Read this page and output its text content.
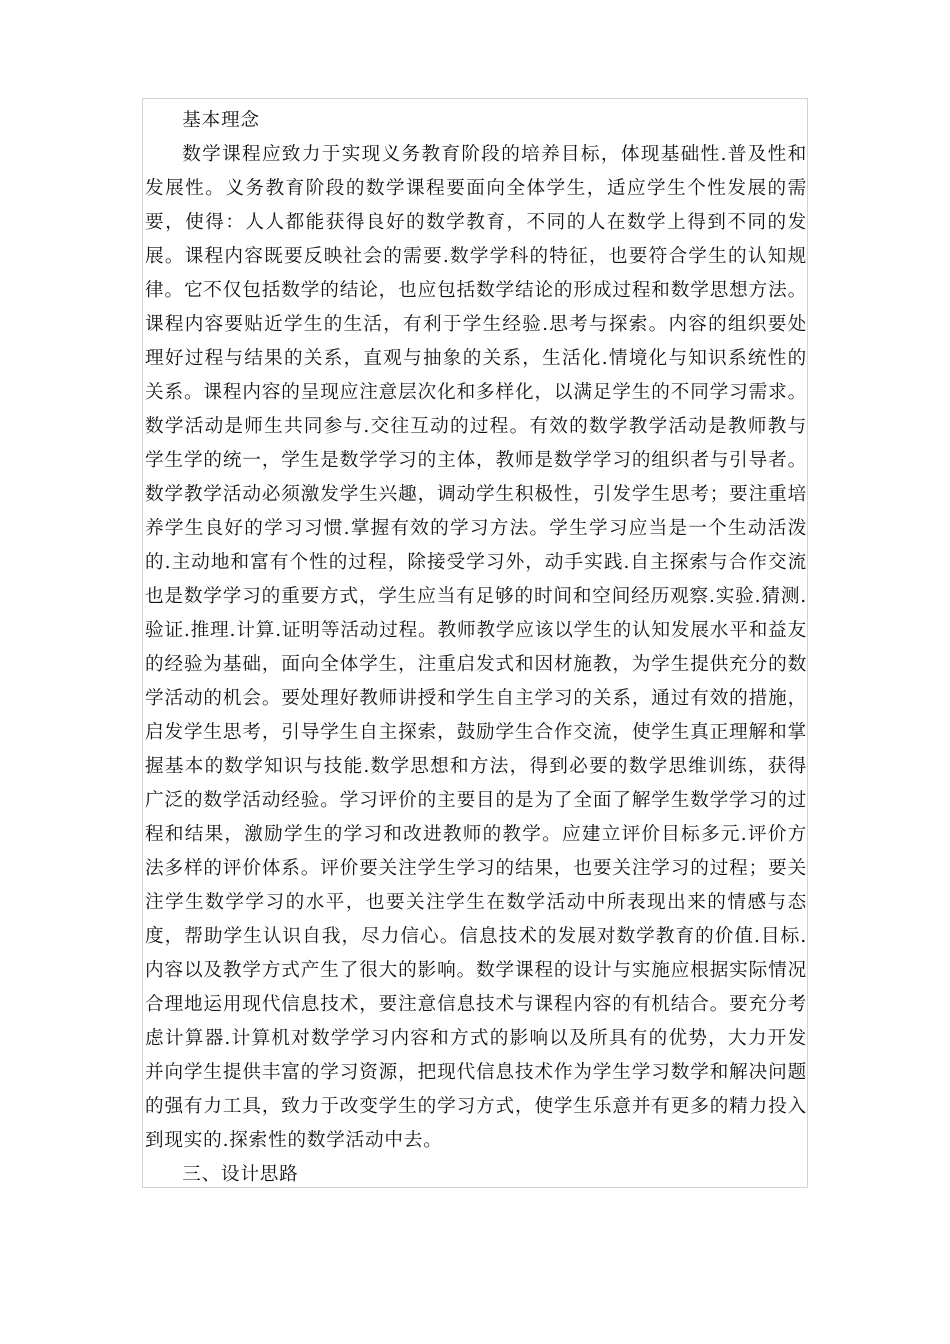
基本理念

数学课程应致力于实现义务教育阶段的培养目标，体现基础性.普及性和发展性。义务教育阶段的数学课程要面向全体学生，适应学生个性发展的需要，使得：人人都能获得良好的数学教育，不同的人在数学上得到不同的发展。课程内容既要反映社会的需要.数学学科的特征，也要符合学生的认知规律。它不仅包括数学的结论，也应包括数学结论的形成过程和数学思想方法。课程内容要贴近学生的生活，有利于学生经验.思考与探索。内容的组织要处理好过程与结果的关系，直观与抽象的关系，生活化.情境化与知识系统性的关系。课程内容的呈现应注意层次化和多样化，以满足学生的不同学习需求。数学活动是师生共同参与.交往互动的过程。有效的数学教学活动是教师教与学生学的统一，学生是数学学习的主体，教师是数学学习的组织者与引导者。数学教学活动必须激发学生兴趣，调动学生积极性，引发学生思考；要注重培养学生良好的学习习惯.掌握有效的学习方法。学生学习应当是一个生动活泼的.主动地和富有个性的过程，除接受学习外，动手实践.自主探索与合作交流也是数学学习的重要方式，学生应当有足够的时间和空间经历观察.实验.猜测.验证.推理.计算.证明等活动过程。教师教学应该以学生的认知发展水平和益友的经验为基础，面向全体学生，注重启发式和因材施教，为学生提供充分的数学活动的机会。要处理好教师讲授和学生自主学习的关系，通过有效的措施，启发学生思考，引导学生自主探索，鼓励学生合作交流，使学生真正理解和掌握基本的数学知识与技能.数学思想和方法，得到必要的数学思维训练，获得广泛的数学活动经验。学习评价的主要目的是为了全面了解学生数学学习的过程和结果，激励学生的学习和改进教师的教学。应建立评价目标多元.评价方法多样的评价体系。评价要关注学生学习的结果，也要关注学习的过程；要关注学生数学学习的水平，也要关注学生在数学活动中所表现出来的情感与态度，帮助学生认识自我，尽力信心。信息技术的发展对数学教育的价值.目标.内容以及教学方式产生了很大的影响。数学课程的设计与实施应根据实际情况合理地运用现代信息技术，要注意信息技术与课程内容的有机结合。要充分考虑计算器.计算机对数学学习内容和方式的影响以及所具有的优势，大力开发并向学生提供丰富的学习资源，把现代信息技术作为学生学习数学和解决问题的强有力工具，致力于改变学生的学习方式，使学生乐意并有更多的精力投入到现实的.探索性的数学活动中去。

三、设计思路
